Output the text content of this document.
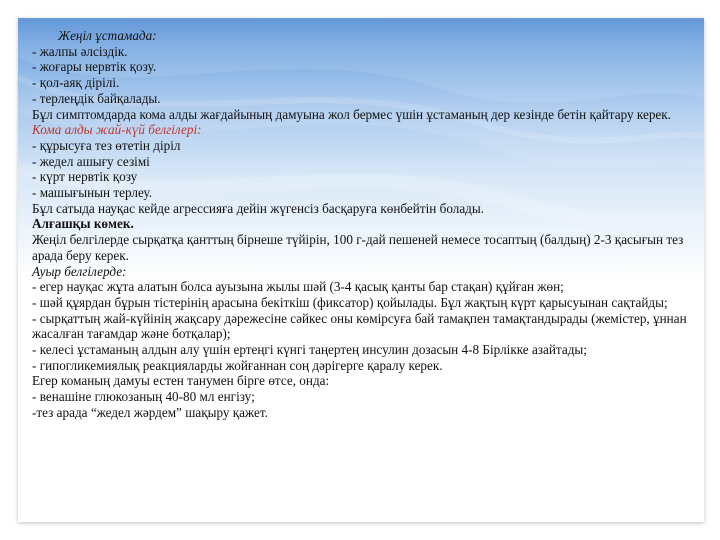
Жеңіл ұстамада:

- жалпы әлсіздік.

- жоғары нервтік қозу.

- қол-аяқ дірілі.

- терлеңдік байқалады.

Бұл симптомдарда кома алды жағдайының дамуына жол бермес үшін ұстаманың дер кезінде бетін қайтару керек.

Кома алды жай-күй белгілері:

- құрысуға тез өтетін діріл

- жедел ашығу сезімі

- күрт нервтік қозу

- машығынын терлеу.

Бұл сатыда науқас кейде агрессияға дейін жүгенсіз басқаруға көнбейтін болады.

Алғашқы көмек.

Жеңіл белгілерде сырқатқа қанттың бірнеше түйірін, 100 г-дай пешеней немесе тосаптың (балдың) 2-3 қасығын тез арада беру керек.

Ауыр белгілерде:

- егер науқас жұта алатын болса ауызына жылы шәй (3-4 қасық қанты бар стақан) құйған жөн;

- шәй құярдан бұрын тістерінің арасына бекіткіш (фиксатор) қойылады. Бұл жақтың күрт қарысуынан сақтайды;

- сырқаттың жай-күйінің жақсару дәрежесіне сәйкес оны көмірсуға бай тамақпен тамақтандырады (жемістер, ұннан жасалған тағамдар және ботқалар);

- келесі ұстаманың алдын алу үшін ертеңгі күнгі таңертең инсулин дозасын 4-8 Бірлікке азайтады;

- гипогликемиялық реакцияларды жойғаннан соң дәрігерге қаралу керек.

Егер команың дамуы естен танумен бірге өтсе, онда:

- венашіне глюкозаның 40-80 мл енгізу;

-тез арада “жедел жәрдем” шақыру қажет.
